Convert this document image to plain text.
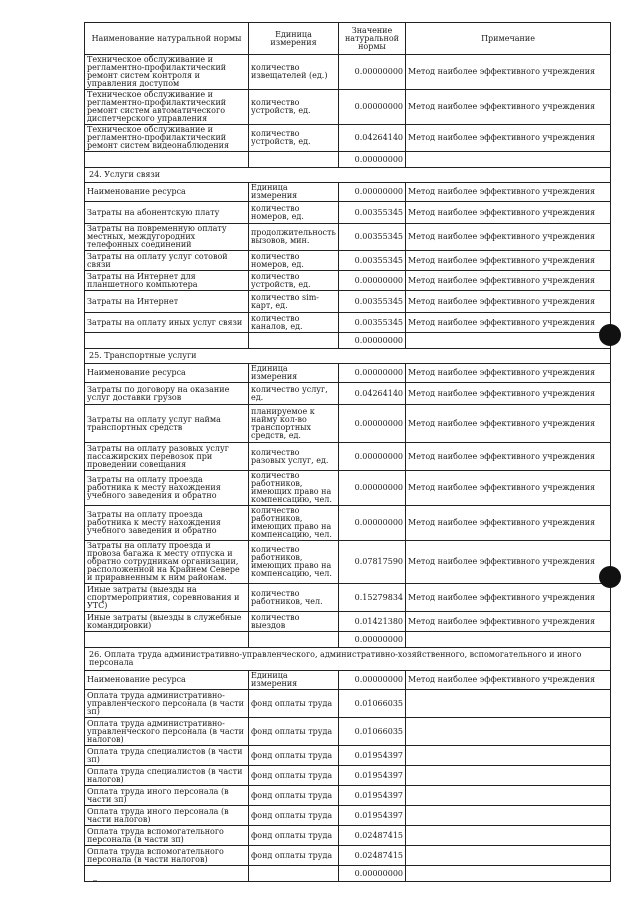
Наименование натуральной нормы	Единица измерения	Значение натуральной нормы	Примечание
Техническое обслуживание и регламентно-профилактический ремонт систем контроля и управления доступом	количество извещателей (ед.)	0.00000000	Метод наиболее эффективного учреждения
Техническое обслуживание и регламентно-профилактический ремонт систем автоматического диспетчерского управления	количество устройств, ед.	0.00000000	Метод наиболее эффективного учреждения
Техническое обслуживание и регламентно-профилактический ремонт систем видеонаблюдения	количество устройств, ед.	0.04264140	Метод наиболее эффективного учреждения
		0.00000000	
24. Услуги связи			
Наименование ресурса	Единица измерения	0.00000000	Метод наиболее эффективного учреждения
Затраты на абонентскую плату	количество номеров, ед.	0.00355345	Метод наиболее эффективного учреждения
Затраты на повременную оплату местных, междугородних телефонных соединений	продолжительность вызовов, мин.	0.00355345	Метод наиболее эффективного учреждения
Затраты на оплату услуг сотовой связи	количество номеров, ед.	0.00355345	Метод наиболее эффективного учреждения
Затраты на Интернет для планшетного компьютера	количество устройств, ед.	0.00000000	Метод наиболее эффективного учреждения
Затраты на Интернет	количество sim-карт, ед.	0.00355345	Метод наиболее эффективного учреждения
Затраты на оплату иных услуг связи	количество каналов, ед.	0.00355345	Метод наиболее эффективного учреждения
		0.00000000	
25. Транспортные услуги			
Наименование ресурса	Единица измерения	0.00000000	Метод наиболее эффективного учреждения
Затраты по договору на оказание услуг доставки грузов	количество услуг, ед.	0.04264140	Метод наиболее эффективного учреждения
Затраты на оплату услуг найма транспортных средств	планируемое к найму кол-во транспортных средств, ед.	0.00000000	Метод наиболее эффективного учреждения
Затраты на оплату разовых услуг пассажирских перевозок при проведении совещания	количество разовых услуг, ед.	0.00000000	Метод наиболее эффективного учреждения
Затраты на оплату проезда работника к месту нахождения учебного заведения и обратно	количество работников, имеющих право на компенсацию, чел.	0.00000000	Метод наиболее эффективного учреждения
Затраты на оплату проезда работника к месту нахождения учебного заведения и обратно	количество работников, имеющих право на компенсацию, чел.	0.00000000	Метод наиболее эффективного учреждения
Затраты на оплату проезда и провоза багажа к месту отпуска и обратно сотрудникам организации, расположенной на Крайнем Севере и приравненным к ним районам.	количество работников, имеющих право на компенсацию, чел.	0.07817590	Метод наиболее эффективного учреждения
Иные затраты (выезды на спортмероприятия, соревнования и УТС)	количество работников, чел.	0.15279834	Метод наиболее эффективного учреждения
Иные затраты (выезды в служебные командировки)	количество выездов	0.01421380	Метод наиболее эффективного учреждения
		0.00000000	
26. Оплата труда административно-управленческого, административно-хозяйственного, вспомогательного и иного персонала			
Наименование ресурса	Единица измерения	0.00000000	Метод наиболее эффективного учреждения
Оплата труда административно-управленческого персонала (в части зп)	фонд оплаты труда	0.01066035	
Оплата труда административно-управленческого персонала (в части налогов)	фонд оплаты труда	0.01066035	
Оплата труда специалистов (в части зп)	фонд оплаты труда	0.01954397	
Оплата труда специалистов (в части налогов)	фонд оплаты труда	0.01954397	
Оплата труда иного персонала (в части зп)	фонд оплаты труда	0.01954397	
Оплата труда иного персонала (в части налогов)	фонд оплаты труда	0.01954397	
Оплата труда вспомогательного персонала (в части зп)	фонд оплаты труда	0.02487415	
Оплата труда вспомогательного персонала (в части налогов)	фонд оплаты труда	0.02487415	
		0.00000000	
